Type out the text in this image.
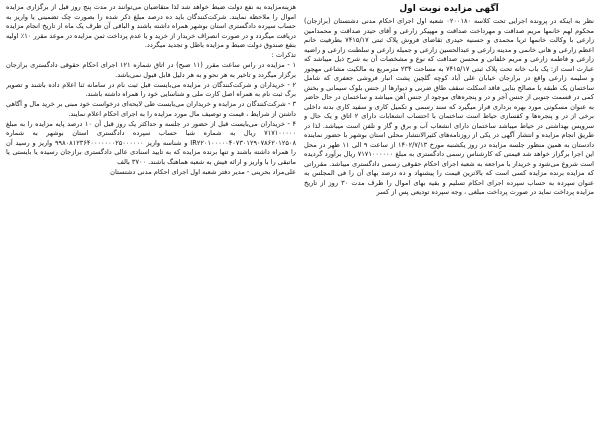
آگهی مزایده نوبت اول

نظر به اینکه در پرونده اجرایی تحت کلاسه ۰۲۰۰۱۸۰ شعبه اول اجرای احکام مدنی دشتستان (برازجان) محکوم لهم خانمها مریم صداقت و مهرداخت صداقت و مهپیکر زارعی و آقای حیدر صداقت و محمدامین زارعی با وکالت خانمها ثریا محمدی و حسنیه حیدری تقاضای فروش پلاک ثبتی ۷۴۱۵/۱۷ بطرفیت خانم اعظم زارعی و هانی خانمی و مدینه زارعی و عبدالحسین زارعی و جمیله زارعی و سلطنت زارعی و راضیه زارعی و فاطمه زارعی و مریم خلفانی و محسن صداقت که نوع و مشخصات آن به شرح ذیل میباشد که عبارت است از: یک باب خانه تحت پلاک ثبتی ۷۴۱۵/۱۷ به مساحت ۲۳۴ مترمربع به مالکیت مشاعی مهجور و سلیمه زارعی واقع در برازجان خیابان علی آباد کوچه گلچین پشت انبار فروشی جعفری که شامل ساختمان یک طبقه با مصالح بنایی فاقد اسکلت سقف طاق ضربی و دیوارها از جنس بلوک سیمانی و بخش کمی در قسمت جنوبی از جنس آجر و در و پنجره‌های موجود از جنس آهن میباشد و ساختمان در حال حاضر به عنوان مسکونی مورد بهره برداری قرار میگیرد که سند رسمی و تکمیل کاری و سفید کاری بدنه داخلی برخی از در و پنجره‌ها و کفسازی حیاط است ساختمان با احتساب انشعابات دارای ۲ اتاق و یک حال و سرویس بهداشتی در حیاط میباشد ساختمان دارای انشعاب آب و برق و گاز و تلفن است میباشد. لذا در طریق انجام مزایده و انتشار آگهی در یکی از روزنامه‌های کثیرالانتشار محلی استان بوشهر با حضور نماینده دادستان به همین منظور جلسه مزایده در روز یکشنبه مورخ ۱۴۰۲/۷/۱۳ از ساعت ۹ الی ۱۱ ظهر در محل این اجرا برگزار خواهد شد قیمتی که کارشناس رسمی دادگستری به مبلغ ۷۱۷۱۰۰۰۰۰۰ ریال برآورد گردیده است شروع می‌شود و خریدار با مراجعه به شعبه اجرای احکام حقوقی رسمی دادگستری میباشد. مقرراتی که مزایده برنده مزایده کسی است که بالاترین قیمت را پیشنهاد و ده درصد بهای آن را فی المجلس به عنوان سپرده به حساب سپرده اجرای احکام تسلیم و بقیه بهای اموال را ظرف مدت ۳۰ روز از تاریخ مزایده پرداخت نماید در صورت پرداخت مبلغی ، وجه سپرده تودیعی پس از کسر

هزینه‌مزایده به نفع دولت ضبط خواهد شد لذا متقاضیان می‌توانند در مدت پنج روز قبل از برگزاری مزایده اموال را ملاحظه نمایند. شرکت‌کنندگان باید ده درصد مبلغ ذکر شده را بصورت چک تضمینی یا واریز به حساب سپرده دادگستری استان بوشهر همراه داشته باشند و الباقی آن ظرف یک ماه از تاریخ انجام مزایده دریافت میگردد و در صورت انصراف خریدار از خرید و یا عدم پرداخت ثمن مزایده در موعد مقرر ۱۰٪ اولیه بنفع صندوق دولت ضبط و مزایده باطل و تجدید میگردد.

تذکرات :

۱ - مزایده در راس ساعت مقرر (۱۱ صبح) در اتاق شماره ۱۲۱ اجرای احکام حقوقی دادگستری برازجان برگزار میگردد و تاخیر به هر نحو و به هر دلیل قابل قبول نمی‌باشد.

۲ - خریداران و شرکت‌کنندگان در مزایده می‌بایست قبل ثبت نام در سامانه ثنا اعلام داده باشند و تصویر برگ ثبت نام به همراه اصل کارت ملی و شناسایی خود را همراه داشته باشند.

۳ - شرکت‌کنندگان در مزایده و خریداران می‌بایست طی لایحه‌ای درخواست خود مبنی بر خرید مال و آگاهی داشتن از شرایط ، قیمت و توصیف مال مورد مزایده را به اجرای احکام اعلام نمایند.

۴ - خریداران می‌بایست قبل از حضور در جلسه و حداکثر یک روز قبل آن ۱۰ درصد پایه مزایده را به مبلغ ۷۱۷۱۰۰۰۰۰ ریال به شماره شبا حساب سپرده دادگستری استان بوشهر به شماره IR۲۲۰۱۰۰۰۰۰۴۰۷۳۰۱۲۹۰۷۸۶۲۰۱۲۵۰۸ و شناسه واریز ۹۹۸۰۸۱۲۳۶۴۰۰۰۰۰۰۰۲۵۰۰۰۰۰۰ واریز و رسید آن را همراه داشته باشند و تنها برنده مزایده که به تایید اسنادی عالی دادگستری برازجان رسیده یا بایستی یا ماتبقی را با واریز و ارائه فیش به شعبه هماهنگ باشند. ۳۷۰۰ بالف

علی‌مراد بحرینی - مدیر دفتر شعبه اول اجرای احکام مدنی دشتستان
